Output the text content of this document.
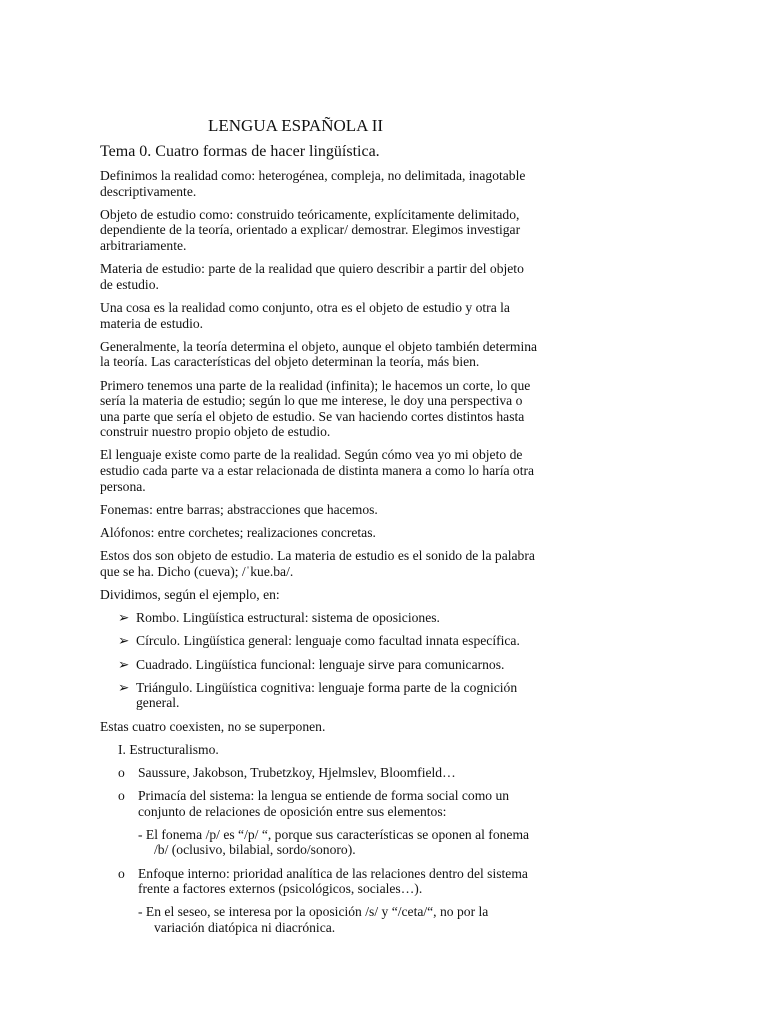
LENGUA ESPAÑOLA II
Tema 0. Cuatro formas de hacer lingüística.

Definimos la realidad como: heterogénea, compleja, no delimitada, inagotable descriptivamente.

Objeto de estudio como: construido teóricamente, explícitamente delimitado, dependiente de la teoría, orientado a explicar/ demostrar. Elegimos investigar arbitrariamente.

Materia de estudio: parte de la realidad que quiero describir a partir del objeto de estudio.

Una cosa es la realidad como conjunto, otra es el objeto de estudio y otra la materia de estudio.

Generalmente, la teoría determina el objeto, aunque el objeto también determina la teoría. Las características del objeto determinan la teoría, más bien.

Primero tenemos una parte de la realidad (infinita); le hacemos un corte, lo que sería la materia de estudio; según lo que me interese, le doy una perspectiva o una parte que sería el objeto de estudio. Se van haciendo cortes distintos hasta construir nuestro propio objeto de estudio.

El lenguaje existe como parte de la realidad. Según cómo vea yo mi objeto de estudio cada parte va a estar relacionada de distinta manera a como lo haría otra persona.

Fonemas: entre barras; abstracciones que hacemos.

Alófonos: entre corchetes; realizaciones concretas.

Estos dos son objeto de estudio. La materia de estudio es el sonido de la palabra que se ha. Dicho (cueva); /ˈkue.ba/.

Dividimos, según el ejemplo, en:

➢ Rombo. Lingüística estructural: sistema de oposiciones.
➢ Círculo. Lingüística general: lenguaje como facultad innata específica.
➢ Cuadrado. Lingüística funcional: lenguaje sirve para comunicarnos.
➢ Triángulo. Lingüística cognitiva: lenguaje forma parte de la cognición general.

Estas cuatro coexisten, no se superponen.

I. Estructuralismo.
o Saussure, Jakobson, Trubetzkoy, Hjelmslev, Bloomfield…
o Primacía del sistema: la lengua se entiende de forma social como un conjunto de relaciones de oposición entre sus elementos:
- El fonema /p/ es “/p/ “, porque sus características se oponen al fonema /b/ (oclusivo, bilabial, sordo/sonoro).
o Enfoque interno: prioridad analítica de las relaciones dentro del sistema frente a factores externos (psicológicos, sociales…).
- En el seseo, se interesa por la oposición /s/ y “/ceta/“, no por la variación diatópica ni diacrónica.
